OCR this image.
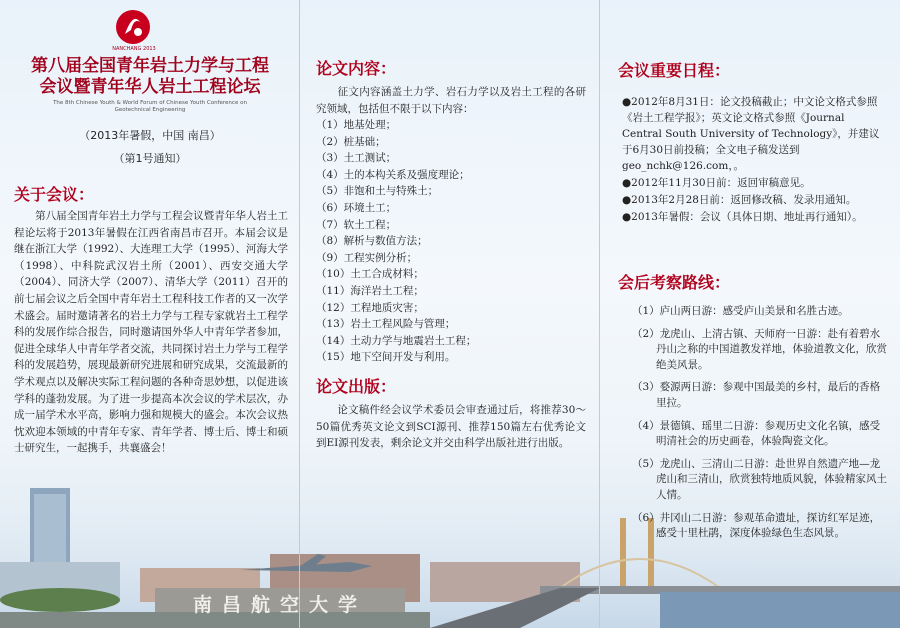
南昌航空大学
NANCHANG 2013
第八届全国青年岩土力学与工程
会议暨青年华人岩土工程论坛
The 8th Chinese Youth & World Forum of Chinese Youth Conference on Geotechnical Engineering
（2013年暑假，中国 南昌）
（第1号通知）
关于会议：
　　第八届全国青年岩土力学与工程会议暨青年华人岩土工程论坛将于2013年暑假在江西省南昌市召开。本届会议是继在浙江大学（1992）、大连理工大学（1995）、河海大学（1998）、中科院武汉岩土所（2001）、西安交通大学（2004）、同济大学（2007）、清华大学（2011）召开的前七届会议之后全国中青年岩土工程科技工作者的又一次学术盛会。届时邀请著名的岩土力学与工程专家就岩土工程学科的发展作综合报告，同时邀请国外华人中青年学者参加，促进全球华人中青年学者交流，共同探讨岩土力学与工程学科的发展趋势，展现最新研究进展和研究成果，交流最新的学术观点以及解决实际工程问题的各种奇思妙想，以促进该学科的蓬勃发展。为了进一步提高本次会议的学术层次，办成一届学术水平高，影响力强和规模大的盛会。本次会议热忱欢迎本领域的中青年专家、青年学者、博士后、博士和硕士研究生，一起携手，共襄盛会！
论文内容：
　　征文内容涵盖土力学、岩石力学以及岩土工程的各研究领域，包括但不限于以下内容：
（1）地基处理；
（2）桩基础；
（3）土工测试；
（4）土的本构关系及强度理论；
（5）非饱和土与特殊土；
（6）环境土工；
（7）软土工程；
（8）解析与数值方法；
（9）工程实例分析；
（10）土工合成材料；
（11）海洋岩土工程；
（12）工程地质灾害；
（13）岩土工程风险与管理；
（14）土动力学与地震岩土工程；
（15）地下空间开发与利用。
论文出版：
　　论文稿件经会议学术委员会审查通过后，将推荐30～50篇优秀英文论文到SCI源刊、推荐150篇左右优秀论文到EI源刊发表，剩余论文并交由科学出版社进行出版。
会议重要日程：
会后考察路线：

●2012年8月31日：论文投稿截止；中文论文格式参照《岩土工程学报》；英文论文格式参照《Journal Central South University of Technology》，并建议于6月30日前投稿；全文电子稿发送到geo_nchk@126.com，。

●2012年11月30日前：返回审稿意见。

●2013年2月28日前：返回修改稿、发录用通知。

●2013年暑假：会议（具体日期、地址再行通知）。

（1）庐山两日游：感受庐山美景和名胜古迹。
（2）龙虎山、上清古镇、天师府一日游：赴有着碧水丹山之称的中国道教发祥地，体验道教文化，欣赏绝美风景。
（3）婺源两日游：参观中国最美的乡村，最后的香格里拉。
（4）景德镇、瑶里二日游：参观历史文化名镇，感受明清社会的历史画卷，体验陶瓷文化。
（5）龙虎山、三清山二日游：赴世界自然遗产地—龙虎山和三清山，欣赏独特地质风貌，体验精家风土人情。
（6）井冈山二日游：参观革命遗址，探访红军足迹，感受十里杜鹃，深度体验绿色生态风景。
